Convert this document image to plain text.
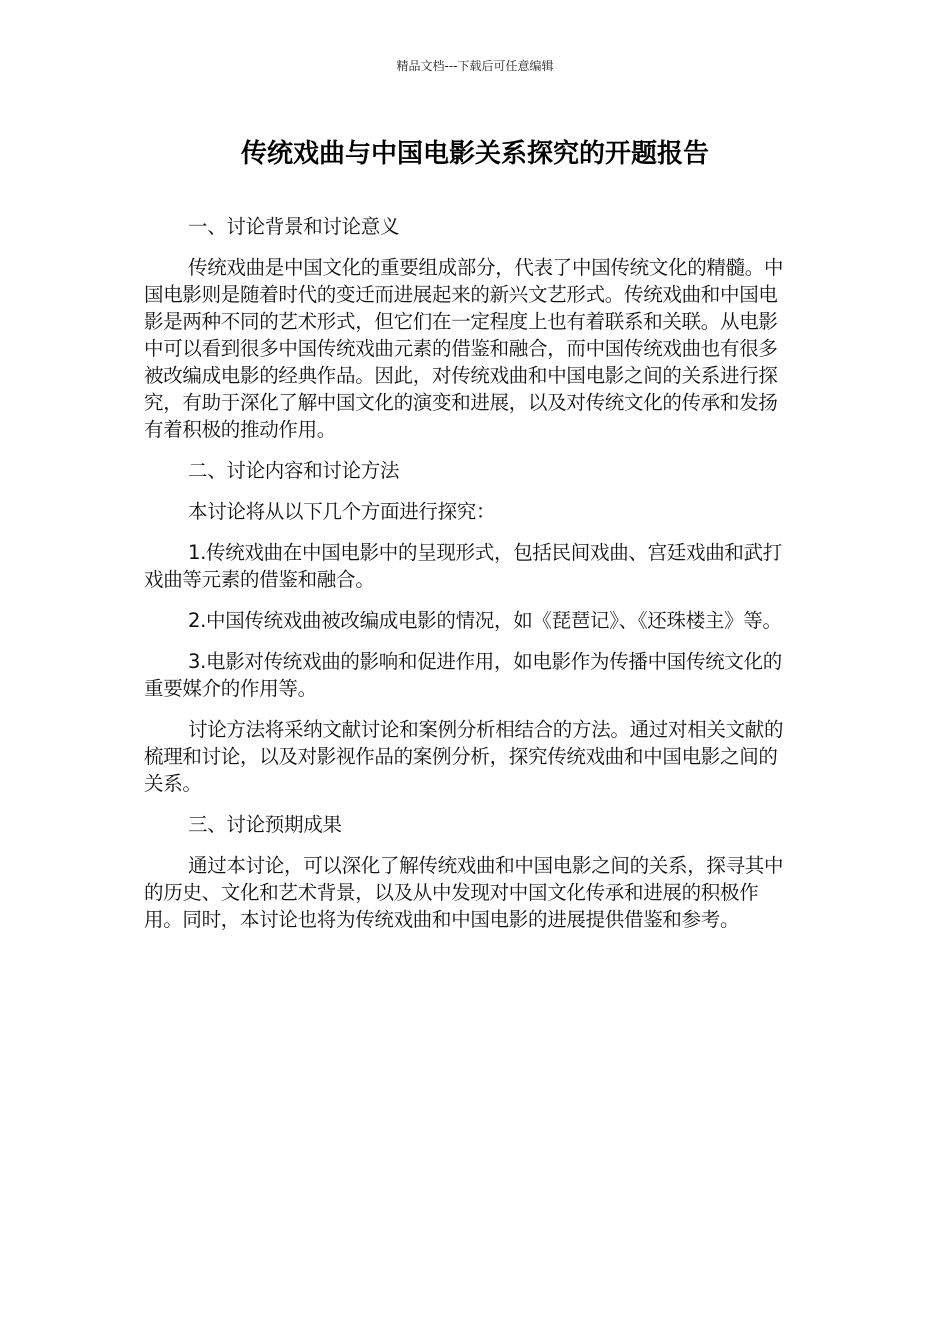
精品文档---下载后可任意编辑
传统戏曲与中国电影关系探究的开题报告

一、讨论背景和讨论意义

传统戏曲是中国文化的重要组成部分，代表了中国传统文化的精髓。中国电影则是随着时代的变迁而进展起来的新兴文艺形式。传统戏曲和中国电影是两种不同的艺术形式，但它们在一定程度上也有着联系和关联。从电影中可以看到很多中国传统戏曲元素的借鉴和融合，而中国传统戏曲也有很多被改编成电影的经典作品。因此，对传统戏曲和中国电影之间的关系进行探究，有助于深化了解中国文化的演变和进展，以及对传统文化的传承和发扬有着积极的推动作用。

二、讨论内容和讨论方法

本讨论将从以下几个方面进行探究：

1.传统戏曲在中国电影中的呈现形式，包括民间戏曲、宫廷戏曲和武打戏曲等元素的借鉴和融合。

2.中国传统戏曲被改编成电影的情况，如《琵琶记》、《还珠楼主》等。

3.电影对传统戏曲的影响和促进作用，如电影作为传播中国传统文化的重要媒介的作用等。

讨论方法将采纳文献讨论和案例分析相结合的方法。通过对相关文献的梳理和讨论，以及对影视作品的案例分析，探究传统戏曲和中国电影之间的关系。

三、讨论预期成果

通过本讨论，可以深化了解传统戏曲和中国电影之间的关系，探寻其中的历史、文化和艺术背景，以及从中发现对中国文化传承和进展的积极作用。同时，本讨论也将为传统戏曲和中国电影的进展提供借鉴和参考。
